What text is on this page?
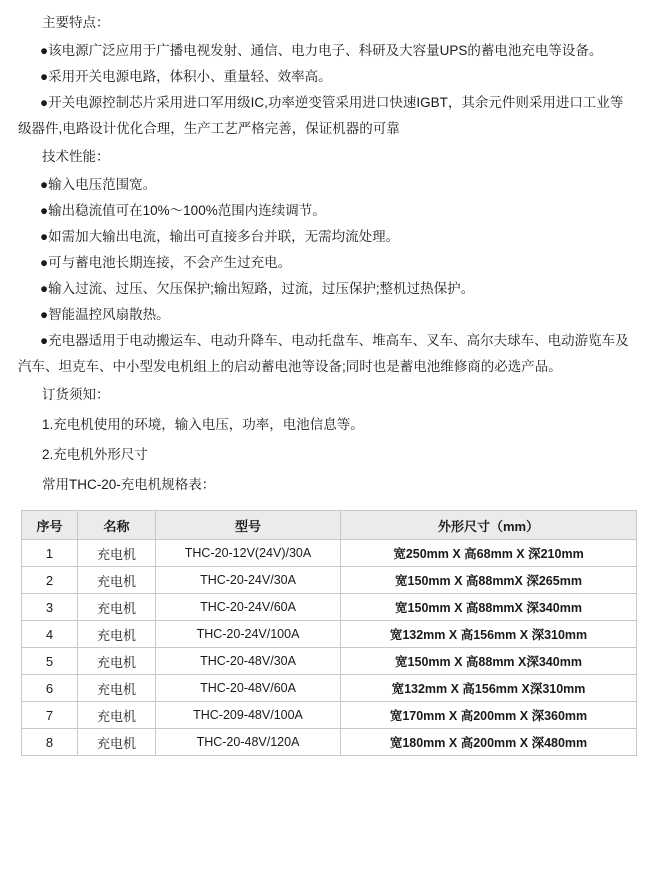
主要特点：
●该电源广泛应用于广播电视发射、通信、电力电子、科研及大容量UPS的蓄电池充电等设备。
●采用开关电源电路，体积小、重量轻、效率高。
●开关电源控制芯片采用进口军用级IC,功率逆变管采用进口快速IGBT，其余元件则采用进口工业等级器件,电路设计优化合理，生产工艺严格完善，保证机器的可靠
技术性能：
●输入电压范围宽。
●输出稳流值可在10%～100%范围内连续调节。
●如需加大输出电流，输出可直接多台并联，无需均流处理。
●可与蓄电池长期连接，不会产生过充电。
●输入过流、过压、欠压保护;输出短路，过流，过压保护;整机过热保护。
●智能温控风扇散热。
●充电器适用于电动搬运车、电动升降车、电动托盘车、堆高车、叉车、高尔夫球车、电动游览车及汽车、坦克车、中小型发电机组上的启动蓄电池等设备;同时也是蓄电池维修商的必选产品。
订货须知：
1.充电机使用的环境，输入电压，功率，电池信息等。
2.充电机外形尺寸
常用THC-20-充电机规格表：
序号	名称	型号	外形尺寸（mm）
1	充电机	THC-20-12V(24V)/30A	宽250mm X 高68mm X 深210mm
2	充电机	THC-20-24V/30A	宽150mm X 高88mmX 深265mm
3	充电机	THC-20-24V/60A	宽150mm X 高88mmX 深340mm
4	充电机	THC-20-24V/100A	宽132mm X 高156mm X 深310mm
5	充电机	THC-20-48V/30A	宽150mm X 高88mm X深340mm
6	充电机	THC-20-48V/60A	宽132mm X 高156mm X深310mm
7	充电机	THC-209-48V/100A	宽170mm X 高200mm X 深360mm
8	充电机	THC-20-48V/120A	宽180mm X 高200mm X 深480mm
